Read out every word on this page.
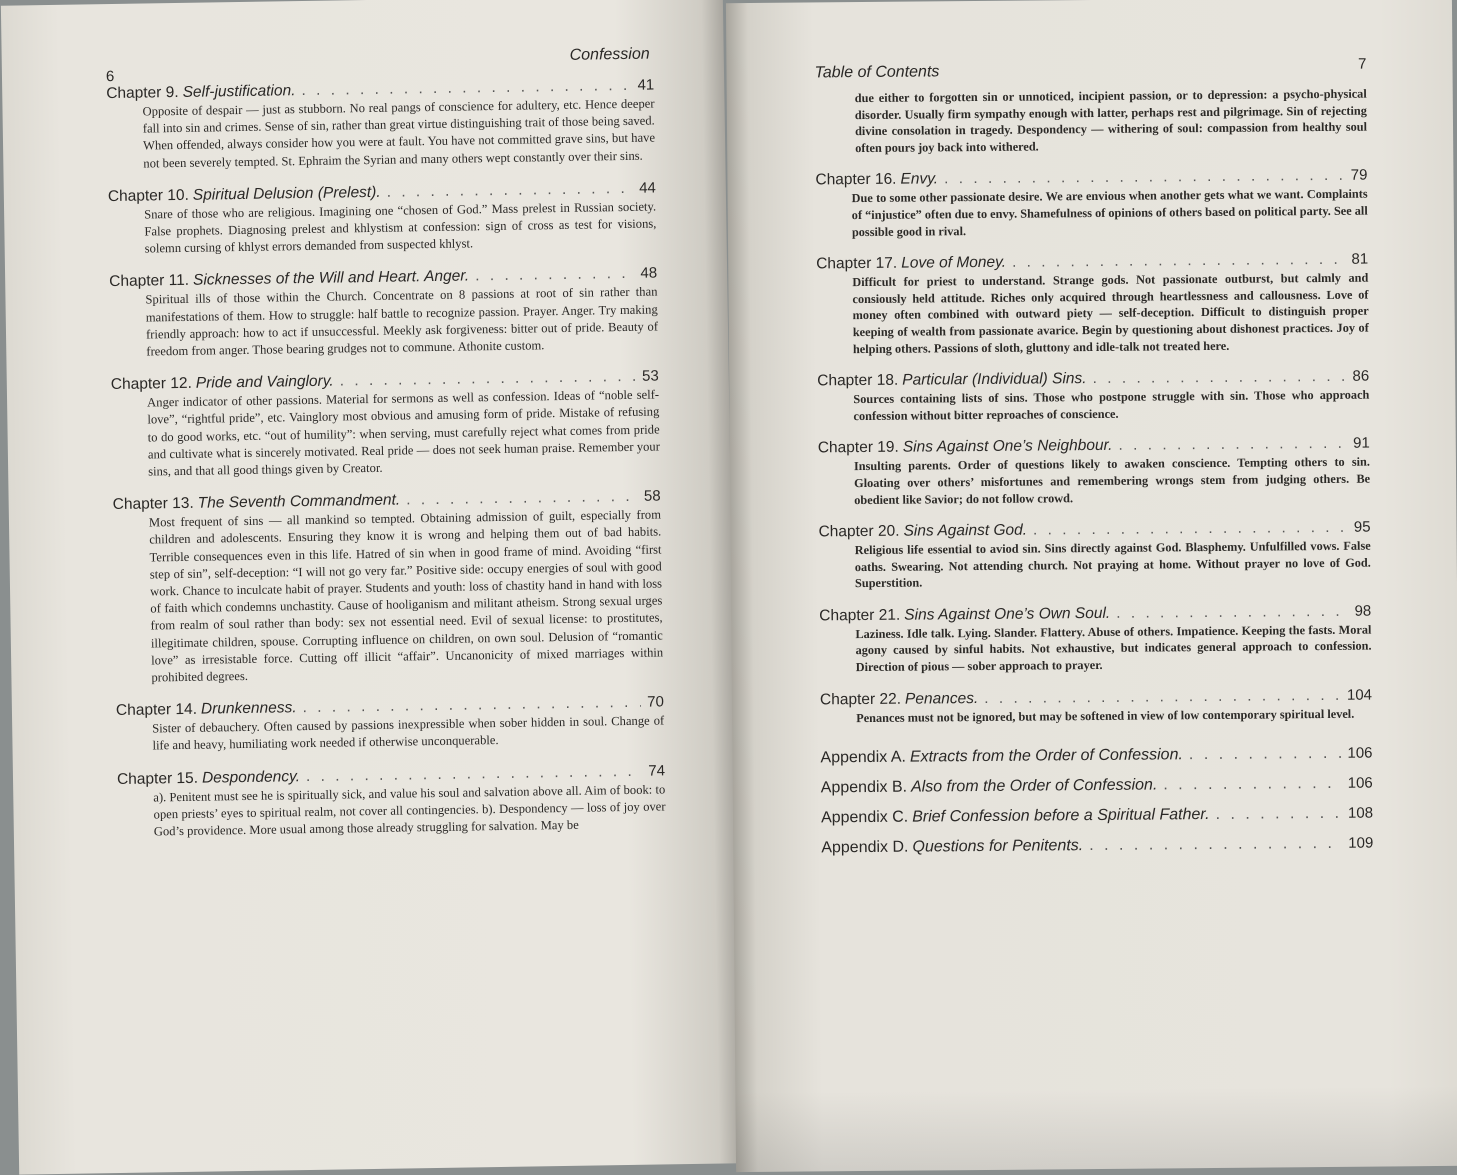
6
Confession
Chapter 9. Self-justification. . . .	41
Opposite of despair — just as stubborn. No real pangs of conscience for adultery, etc. Hence deeper fall into sin and crimes. Sense of sin, rather than great virtue distinguishing trait of those being saved. When offended, always consider how you were at fault. You have not committed grave sins, but have not been severely tempted. St. Ephraim the Syrian and many others wept constantly over their sins.
Chapter 10. Spiritual Delusion (Prelest). . . .	44
Snare of those who are religious. Imagining one “chosen of God.” Mass prelest in Russian society. False prophets. Diagnosing prelest and khlystism at confession: sign of cross as test for visions, solemn cursing of khlyst errors demanded from suspected khlyst.
Chapter 11. Sicknesses of the Will and Heart. Anger. . . .	48
Spiritual ills of those within the Church. Concentrate on 8 passions at root of sin rather than manifestations of them. How to struggle: half battle to recognize passion. Prayer. Anger. Try making friendly approach: how to act if unsuccessful. Meekly ask forgiveness: bitter out of pride. Beauty of freedom from anger. Those bearing grudges not to commune. Athonite custom.
Chapter 12. Pride and Vainglory. . . .	53
Anger indicator of other passions. Material for sermons as well as confession. Ideas of “noble self-love”, “rightful pride”, etc. Vainglory most obvious and amusing form of pride. Mistake of refusing to do good works, etc. “out of humility”: when serving, must carefully reject what comes from pride and cultivate what is sincerely motivated. Real pride — does not seek human praise. Remember your sins, and that all good things given by Creator.
Chapter 13. The Seventh Commandment. . . .	58
Most frequent of sins — all mankind so tempted. Obtaining admission of guilt, especially from children and adolescents. Ensuring they know it is wrong and helping them out of bad habits. Terrible consequences even in this life. Hatred of sin when in good frame of mind. Avoiding “first step of sin”, self-deception: “I will not go very far.” Positive side: occupy energies of soul with good work. Chance to inculcate habit of prayer. Students and youth: loss of chastity hand in hand with loss of faith which condemns unchastity. Cause of hooliganism and militant atheism. Strong sexual urges from realm of soul rather than body: sex not essential need. Evil of sexual license: to prostitutes, illegitimate children, spouse. Corrupting influence on children, on own soul. Delusion of “romantic love” as irresistable force. Cutting off illicit “affair”. Uncanonicity of mixed marriages within prohibited degrees.
Chapter 14. Drunkenness. . . .	70
Sister of debauchery. Often caused by passions inexpressible when sober hidden in soul. Change of life and heavy, humiliating work needed if otherwise unconquerable.
Chapter 15. Despondency. . . .	74
a). Penitent must see he is spiritually sick, and value his soul and salvation above all. Aim of book: to open priests’ eyes to spiritual realm, not cover all contingencies. b). Despondency — loss of joy over God’s providence. More usual among those already struggling for salvation. May be
Table of Contents	7
due either to forgotten sin or unnoticed, incipient passion, or to depression: a psycho-physical disorder. Usually firm sympathy enough with latter, perhaps rest and pilgrimage. Sin of rejecting divine consolation in tragedy. Despondency — withering of soul: compassion from healthy soul often pours joy back into withered.
Chapter 16. Envy. . . .	79
Due to some other passionate desire. We are envious when another gets what we want. Complaints of “injustice” often due to envy. Shamefulness of opinions of others based on political party. See all possible good in rival.
Chapter 17. Love of Money. . . .	81
Difficult for priest to understand. Strange gods. Not passionate outburst, but calmly and consiously held attitude. Riches only acquired through heartlessness and callousness. Love of money often combined with outward piety — self-deception. Difficult to distinguish proper keeping of wealth from passionate avarice. Begin by questioning about dishonest practices. Joy of helping others. Passions of sloth, gluttony and idle-talk not treated here.
Chapter 18. Particular (Individual) Sins. . . .	86
Sources containing lists of sins. Those who postpone struggle with sin. Those who approach confession without bitter reproaches of conscience.
Chapter 19. Sins Against One’s Neighbour. . . .	91
Insulting parents. Order of questions likely to awaken conscience. Tempting others to sin. Gloating over others’ misfortunes and remembering wrongs stem from judging others. Be obedient like Savior; do not follow crowd.
Chapter 20. Sins Against God. . . .	95
Religious life essential to aviod sin. Sins directly against God. Blasphemy. Unfulfilled vows. False oaths. Swearing. Not attending church. Not praying at home. Without prayer no love of God. Superstition.
Chapter 21. Sins Against One’s Own Soul. . . .	98
Laziness. Idle talk. Lying. Slander. Flattery. Abuse of others. Impatience. Keeping the fasts. Moral agony caused by sinful habits. Not exhaustive, but indicates general approach to confession. Direction of pious — sober approach to prayer.
Chapter 22. Penances. . . .	104
Penances must not be ignored, but may be softened in view of low contemporary spiritual level.
Appendix A. Extracts from the Order of Confession. . . .	106
Appendix B. Also from the Order of Confession. . . .	106
Appendix C. Brief Confession before a Spiritual Father. . . .	108
Appendix D. Questions for Penitents. . . .	109
